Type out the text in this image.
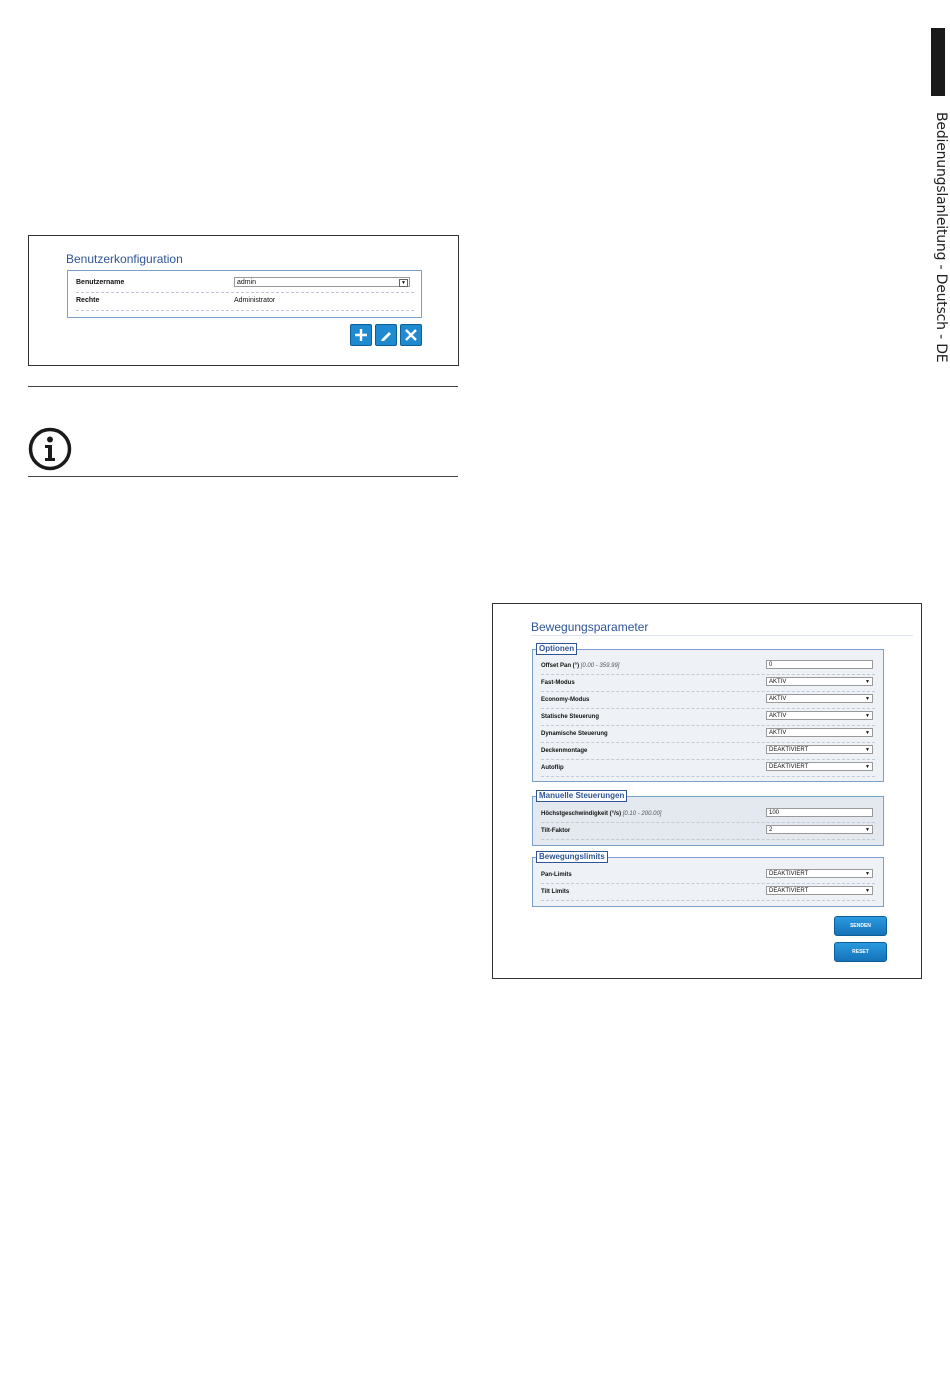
Bedienungslanleitung - Deutsch - DE
Benutzerkonfiguration
Benutzername	admin	▼
Rechte	Administrator
Bewegungsparameter
Optionen
Offset Pan (°) [0.00 - 359.99]	0
Fast-Modus	AKTIV	▼
Economy-Modus	AKTIV	▼
Statische Steuerung	AKTIV	▼
Dynamische Steuerung	AKTIV	▼
Deckenmontage	DEAKTIVIERT	▼
Autoflip	DEAKTIVIERT	▼
Manuelle Steuerungen
Höchstgeschwindigkeit (°/s) [0.10 - 200.00]	100
Tilt-Faktor	2	▼
Bewegungslimits
Pan-Limits	DEAKTIVIERT	▼
Tilt Limits	DEAKTIVIERT	▼
SENDEN
RESET
